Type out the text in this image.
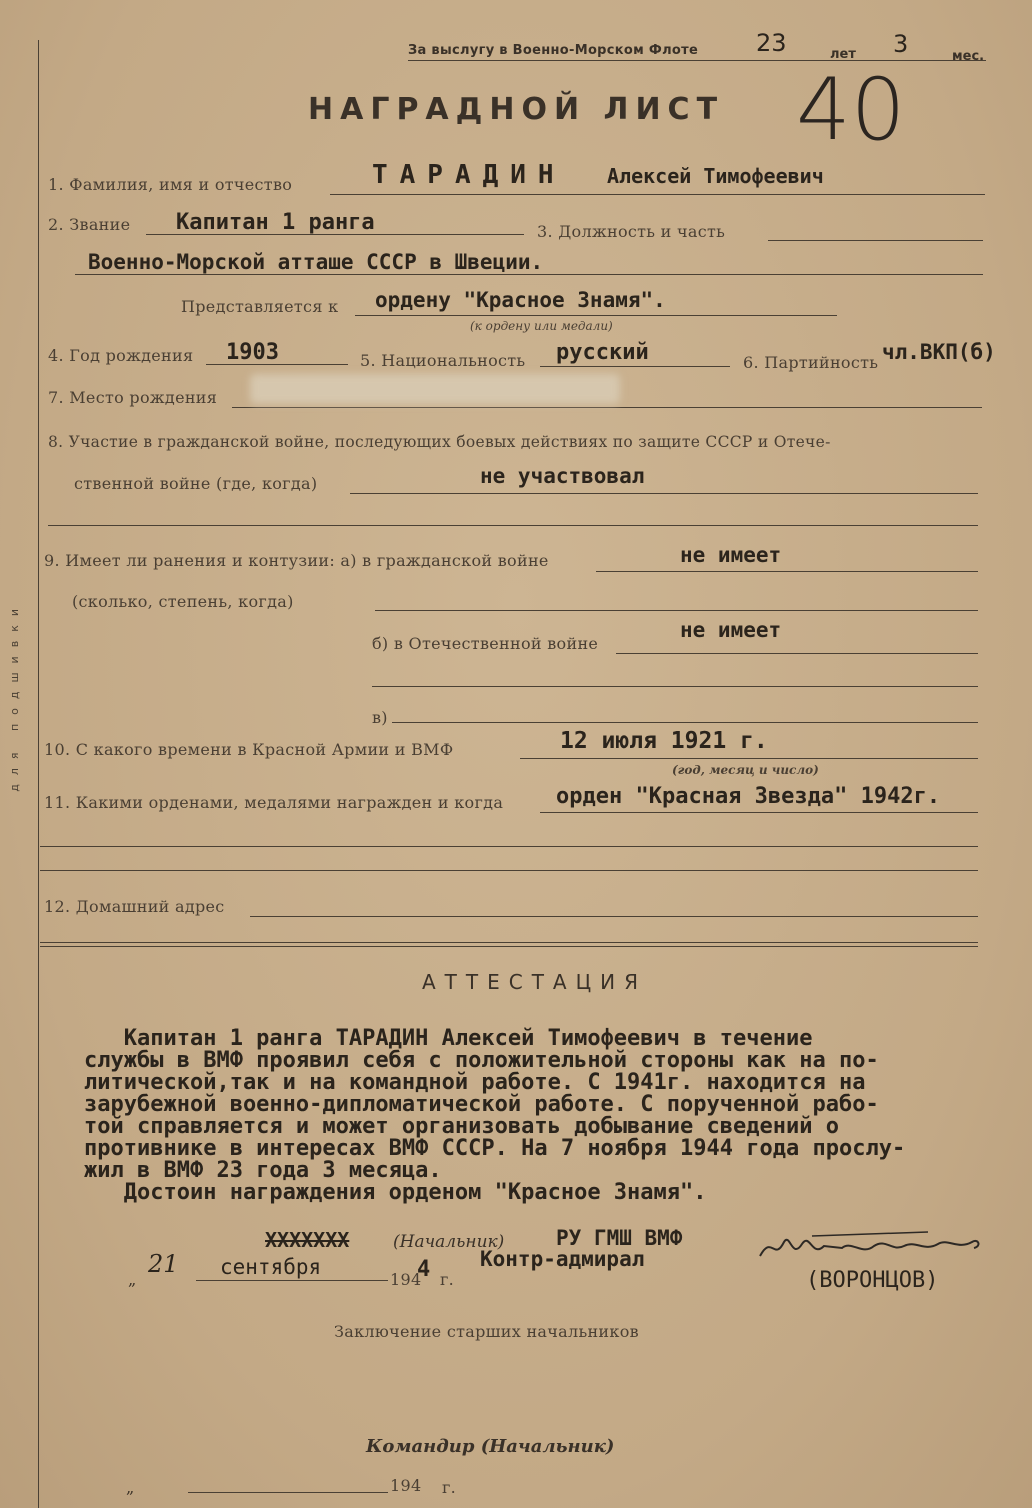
для подшивки
За выслугу в Военно-Морском Флоте 23	лет 3	мес.
НАГРАДНОЙ ЛИСТ 40
1. Фамилия, имя и отчество	ТАРАДИН Алексей Тимофеевич
2. Звание Капитан 1 ранга	3. Должность и часть
Военно-Морской атташе СССР в Швеции.
Представляется к ордену "Красное Знамя".
(к ордену или медали)
4. Год рождения 1903	5. Национальность русский	6. Партийность чл.ВКП(б)
7. Место рождения
8. Участие в гражданской войне, последующих боевых действиях по защите СССР и Отече-
ственной войне (где, когда)	не участвовал
9. Имеет ли ранения и контузии: а) в гражданской войне	не имеет
(сколько, степень, когда)
б) в Отечественной войне
не имеет
в)
10. С какого времени в Красной Армии и ВМФ	12 июля 1921 г.
(год, месяц и число)
11. Какими орденами, медалями награжден и когда орден "Красная Звезда" 1942г.
12. Домашний адрес
АТТЕСТАЦИЯ
Капитан 1 ранга ТАРАДИН Алексей Тимофеевич в течение
службы в ВМФ проявил себя с положительной стороны как на по-
литической,так и на командной работе. С 1941г. находится на
зарубежной военно-дипломатической работе. С порученной рабо-
той справляется и может организовать добывание сведений о
противнике в интересах ВМФ СССР. На 7 ноября 1944 года прослу-
жил в ВМФ 23 года 3 месяца.
Достоин награждения орденом "Красное Знамя".
ХХХХХХХ	(Начальник) РУ ГМШ ВМФ
Контр-адмирал
(ВОРОНЦОВ)
„
21 сентября
194
4 г.
Заключение старших начальников
Командир (Начальник)
„	194 г.
